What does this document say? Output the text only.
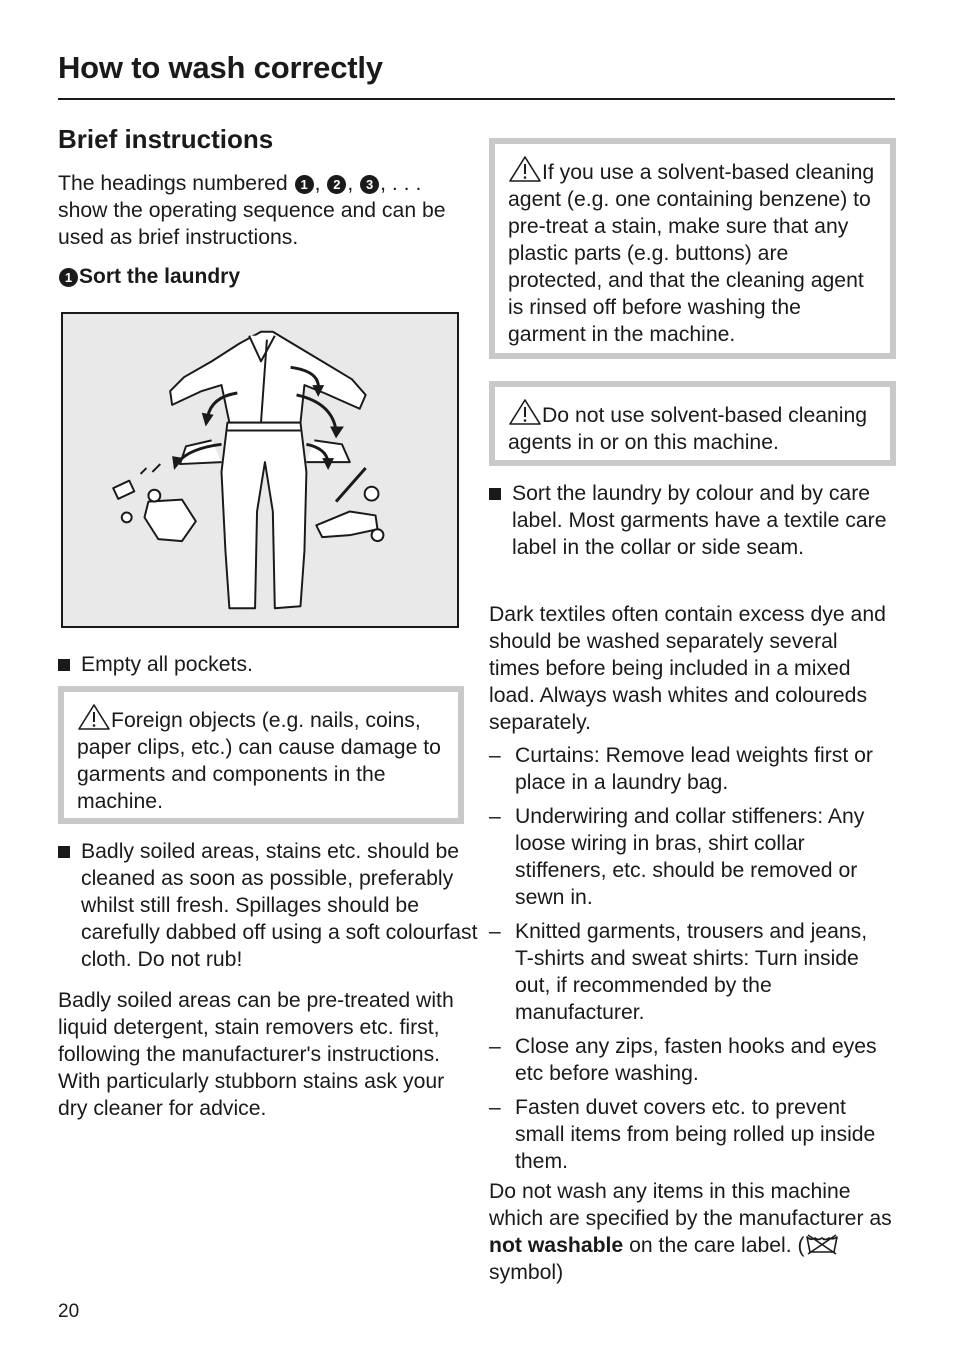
How to wash correctly
Brief instructions

The headings numbered 1 , 2 , 3 , . . . show the operating sequence and can be used as brief instructions.

1 Sort the laundry

Empty all pockets.

Foreign objects (e.g. nails, coins, paper clips, etc.) can cause damage to garments and components in the machine.

Badly soiled areas, stains etc. should be cleaned as soon as possible, preferably whilst still fresh. Spillages should be carefully dabbed off using a soft colourfast cloth. Do not rub!

Badly soiled areas can be pre-treated with liquid detergent, stain removers etc. first, following the manufacturer's instructions. With particularly stubborn stains ask your dry cleaner for advice.

If you use a solvent-based cleaning agent (e.g. one containing benzene) to pre-treat a stain, make sure that any plastic parts (e.g. buttons) are protected, and that the cleaning agent is rinsed off before washing the garment in the machine.

Do not use solvent-based cleaning agents in or on this machine.

Sort the laundry by colour and by care label. Most garments have a textile care label in the collar or side seam.

Dark textiles often contain excess dye and should be washed separately several times before being included in a mixed load. Always wash whites and coloureds separately.

– Curtains: Remove lead weights first or place in a laundry bag.
– Underwiring and collar stiffeners: Any loose wiring in bras, shirt collar stiffeners, etc. should be removed or sewn in.
– Knitted garments, trousers and jeans, T-shirts and sweat shirts: Turn inside out, if recommended by the manufacturer.
– Close any zips, fasten hooks and eyes etc before washing.
– Fasten duvet covers etc. to prevent small items from being rolled up inside them.

Do not wash any items in this machine which are specified by the manufacturer as not washable on the care label. ( symbol)

20
